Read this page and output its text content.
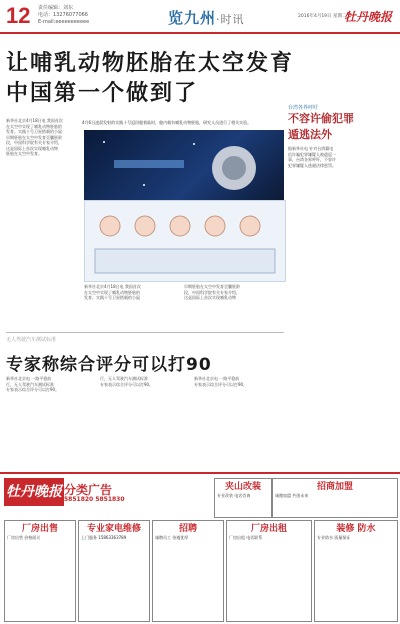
12 责任编辑：刘东
电话：13276077066
E-mail:eeeeeeeeeee	览九州·时讯	2016年4月19日 星期二
牡丹晚报
让哺乳动物胚胎在太空发育
中国第一个做到了
新华社北京4月18日电 我国首次
在太空中实现了哺乳动物胚胎的
发育。实践十号卫星搭载的小鼠
早期胚胎在太空中发育至囊胚阶
段，中国科学院有关专家介绍，
这是国际上首次实现哺乳动物
胚胎在太空中发育。
4月6日凌晨发射的实践十号返回舱着陆时，舱内载有哺乳动物胚胎，研究人员进行了相关实验。
新华社北京4月18日电 我国首次
在太空中实现了哺乳动物胚胎的
发育。实践十号卫星搭载的小鼠
早期胚胎在太空中发育至囊胚阶
段，中国科学院有关专家介绍，
这是国际上首次实现哺乳动物
台湾各界呼吁
不容许偷犯罪
遁逃法外
据新华社电 针对台湾籍电
信诈骗犯罪嫌疑人被遣返一
事，台湾各界呼吁，不容许
犯罪嫌疑人逃避法律惩罚。
无人驾驶汽车测试标准
专家称综合评分可以打90
新华社北京电 一路平稳前
行，无人驾驶汽车测试标准
专家表示综合评分可以打90。
行，无人驾驶汽车测试标准
专家表示综合评分可以打90。
新华社北京电 一路平稳前
专家表示综合评分可以打90。
牡丹晚报 分类广告
5851820 5851830
夹山改装
专业改装 电话咨询
招商加盟
诚邀加盟 共创未来
厂房出售
厂房出售 价格面议
专业家电维修
上门服务 15863363789
招聘
诚聘员工 待遇优厚
厂房出租
厂房出租 电话联系
装修 防水
专业防水 质量保证
